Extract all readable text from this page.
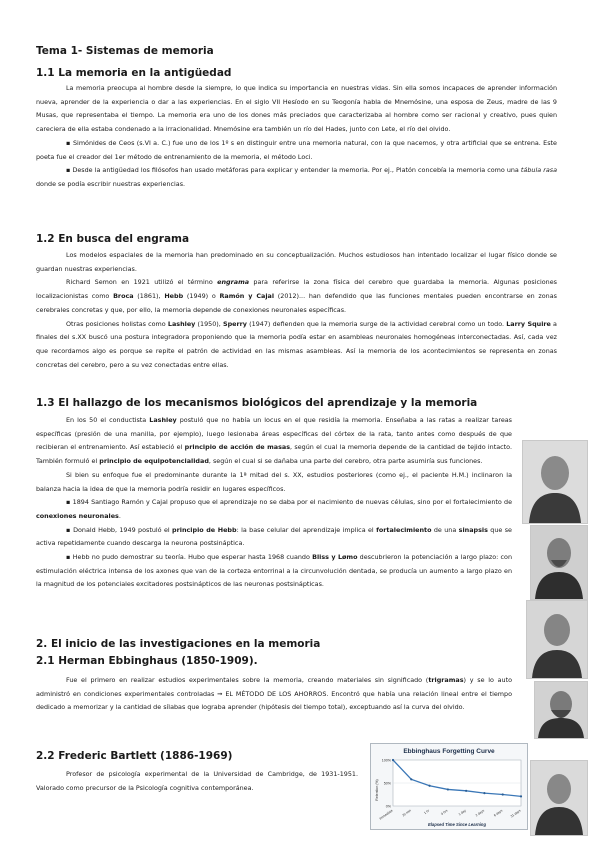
Tema 1- Sistemas de memoria
1.1 La memoria en la antigüedad

La memoria preocupa al hombre desde la siempre, lo que indica su importancia en nuestras vidas. Sin ella somos incapaces de aprender información nueva, aprender de la experiencia o dar a las experiencias. En el siglo VII Hesíodo en su Teogonía habla de Mnemósine, una esposa de Zeus, madre de las 9 Musas, que representaba el tiempo. La memoria era uno de los dones más preciados que caracterizaba al hombre como ser racional y creativo, pues quien careciera de ella estaba condenado a la irracionalidad. Mnemósine era también un río del Hades, junto con Lete, el río del olvido.

▪ Simónides de Ceos (s.VI a. C.) fue uno de los 1º s en distinguir entre una memoria natural, con la que nacemos, y otra artificial que se entrena. Este poeta fue el creador del 1er método de entrenamiento de la memoria, el método Loci.

▪ Desde la antigüedad los filósofos han usado metáforas para explicar y entender la memoria. Por ej., Platón concebía la memoria como una tábula rasa donde se podía escribir nuestras experiencias.

1.2 En busca del engrama

Los modelos espaciales de la memoria han predominado en su conceptualización. Muchos estudiosos han intentado localizar el lugar físico donde se guardan nuestras experiencias.

Richard Semon en 1921 utilizó el término engrama para referirse la zona física del cerebro que guardaba la memoria. Algunas posiciones localizacionistas como Broca (1861), Hebb (1949) o Ramón y Cajal (2012)... han defendido que las funciones mentales pueden encontrarse en zonas cerebrales concretas y que, por ello, la memoria depende de conexiones neuronales específicas.

Otras posiciones holistas como Lashley (1950), Sperry (1947) defienden que la memoria surge de la actividad cerebral como un todo. Larry Squire a finales del s.XX buscó una postura integradora proponiendo que la memoria podía estar en asambleas neuronales homogéneas interconectadas. Así, cada vez que recordamos algo es porque se repite el patrón de actividad en las mismas asambleas. Así la memoria de los acontecimientos se representa en zonas concretas del cerebro, pero a su vez conectadas entre ellas.

1.3 El hallazgo de los mecanismos biológicos del aprendizaje y la memoria

En los 50 el conductista Lashley postuló que no había un locus en el que residía la memoria. Enseñaba a las ratas a realizar tareas específicas (presión de una manilla, por ejemplo), luego lesionaba áreas específicas del córtex de la rata, tanto antes como después de que recibieran el entrenamiento. Así estableció el principio de acción de masas, según el cual la memoria depende de la cantidad de tejido intacto. También formuló el principio de equipotencialidad, según el cual si se dañaba una parte del cerebro, otra parte asumiría sus funciones.

Si bien su enfoque fue el predominante durante la 1ª mitad del s. XX, estudios posteriores (como ej., el paciente H.M.) inclinaron la balanza hacia la idea de que la memoria podría residir en lugares específicos.

▪ 1894 Santiago Ramón y Cajal propuso que el aprendizaje no se daba por el nacimiento de nuevas células, sino por el fortalecimiento de conexiones neuronales.

▪ Donald Hebb, 1949 postuló el principio de Hebb: la base celular del aprendizaje implica el fortalecimiento de una sinapsis que se activa repetidamente cuando descarga la neurona postsináptica.

▪ Hebb no pudo demostrar su teoría. Hubo que esperar hasta 1968 cuando Bliss y Lømo descubrieron la potenciación a largo plazo: con estimulación eléctrica intensa de los axones que van de la corteza entorrinal a la circunvolución dentada, se producía un aumento a largo plazo en la magnitud de los potenciales excitadores postsinápticos de las neuronas postsinápticas.

2. El inicio de las investigaciones en la memoria
2.1 Herman Ebbinghaus (1850-1909).

Fue el primero en realizar estudios experimentales sobre la memoria, creando materiales sin significado (trigramas) y se lo auto administró en condiciones experimentales controladas ➞ EL MÉTODO DE LOS AHORROS. Encontró que había una relación lineal entre el tiempo dedicado a memorizar y la cantidad de sílabas que lograba aprender (hipótesis del tiempo total), exceptuando así la curva del olvido.

2.2 Frederic Bartlett (1886-1969)

Profesor de psicología experimental de la Universidad de Cambridge, de 1931-1951. Valorado como precursor de la Psicología cognitiva contemporánea.

Ebbinghaus Forgetting Curve
100%
50%
0%
Immediate 20 min	1 hr	9 hrs	1 day 2 days 6 days 31 days
Retention (%)
Elapsed Time Since Learning
